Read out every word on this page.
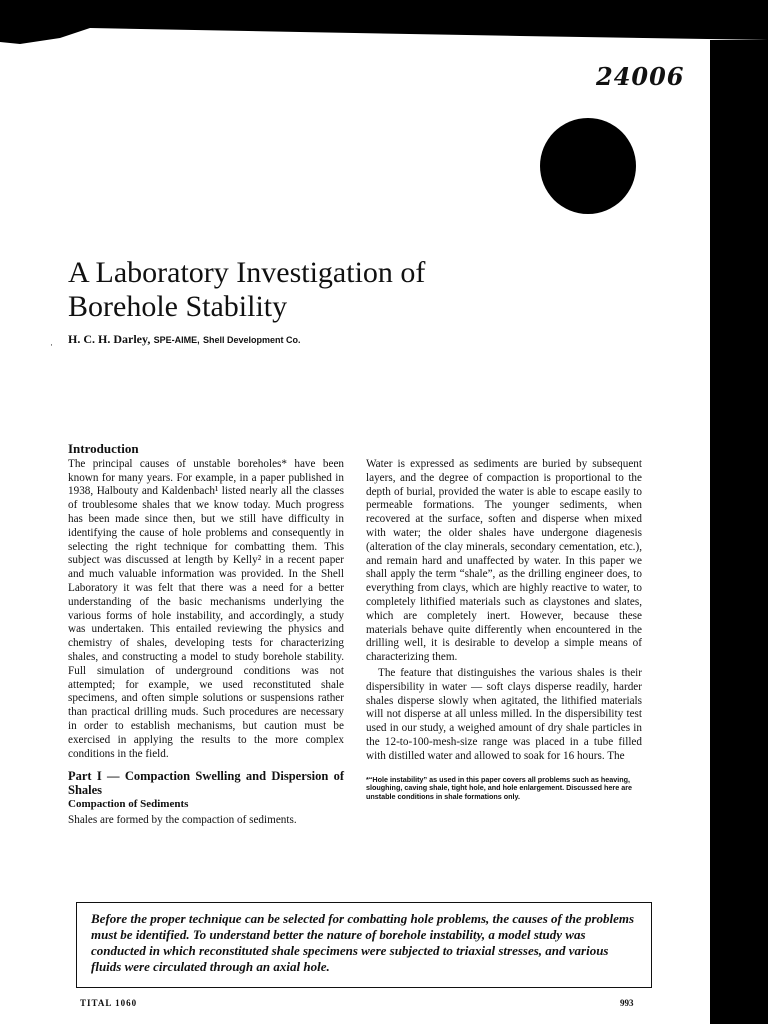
24006
A Laboratory Investigation of
Borehole Stability
· H. C. H. Darley, SPE-AIME, Shell Development Co.
Introduction

The principal causes of unstable boreholes* have been known for many years. For example, in a paper published in 1938, Halbouty and Kaldenbach¹ listed nearly all the classes of troublesome shales that we know today. Much progress has been made since then, but we still have difficulty in identifying the cause of hole problems and consequently in selecting the right technique for combatting them. This subject was discussed at length by Kelly² in a recent paper and much valuable information was provided. In the Shell Laboratory it was felt that there was a need for a better understanding of the basic mechanisms underlying the various forms of hole instability, and accordingly, a study was undertaken. This entailed reviewing the physics and chemistry of shales, developing tests for characterizing shales, and constructing a model to study borehole stability. Full simulation of underground conditions was not attempted; for example, we used reconstituted shale specimens, and often simple solutions or suspensions rather than practical drilling muds. Such procedures are necessary in order to establish mechanisms, but caution must be exercised in applying the results to the more complex conditions in the field.

Part I — Compaction Swelling and Dispersion of Shales
Compaction of Sediments

Shales are formed by the compaction of sediments.

Water is expressed as sediments are buried by subsequent layers, and the degree of compaction is proportional to the depth of burial, provided the water is able to escape easily to permeable formations. The younger sediments, when recovered at the surface, soften and disperse when mixed with water; the older shales have undergone diagenesis (alteration of the clay minerals, secondary cementation, etc.), and remain hard and unaffected by water. In this paper we shall apply the term “shale”, as the drilling engineer does, to everything from clays, which are highly reactive to water, to completely lithified materials such as claystones and slates, which are completely inert. However, because these materials behave quite differently when encountered in the drilling well, it is desirable to develop a simple means of characterizing them.

The feature that distinguishes the various shales is their dispersibility in water — soft clays disperse readily, harder shales disperse slowly when agitated, the lithified materials will not disperse at all unless milled. In the dispersibility test used in our study, a weighed amount of dry shale particles in the 12-to-100-mesh-size range was placed in a tube filled with distilled water and allowed to soak for 16 hours. The

*“Hole instability” as used in this paper covers all problems such as heaving, sloughing, caving shale, tight hole, and hole enlargement. Discussed here are unstable conditions in shale formations only.
Before the proper technique can be selected for combatting hole problems, the causes of the problems must be identified. To understand better the nature of borehole instability, a model study was conducted in which reconstituted shale specimens were subjected to triaxial stresses, and various fluids were circulated through an axial hole.
TITAL 1060	993
